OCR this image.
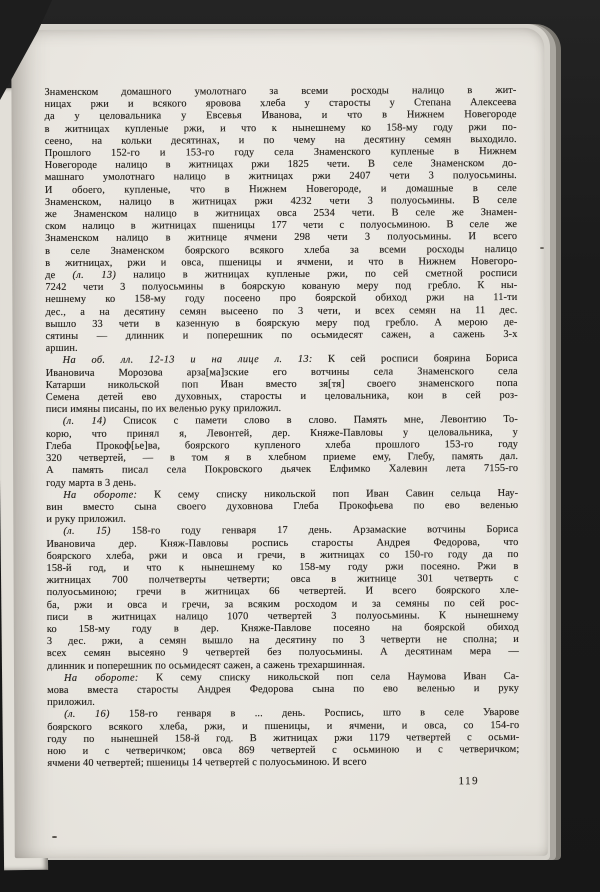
Знаменском домашного умолотнаго за всеми росходы налицо в жит-
ницах ржи и всякого яровова хлеба у старосты у Степана Алексеева
да у целовальника у Евсевья Иванова, и что в Нижнем Новегороде
в житницах купленые ржи, и что к нынешнему ко 158-му году ржи по-
сеено, на кольки десятинах, и по чему на десятину семян выходило.
Прошлого 152-го и 153-го году села Знаменского купленые в Нижнем
Новегороде налицо в житницах ржи 1825 чети. В селе Знаменском до-
машнаго умолотнаго налицо в житницах ржи 2407 чети 3 полуосьмины.
И обоего, купленые, что в Нижнем Новегороде, и домашные в селе
Знаменском, налицо в житницах ржи 4232 чети 3 полуосьмины. В селе
же Знаменском налицо в житницах овса 2534 чети. В селе же Знамен-
ском налицо в житницах пшеницы 177 чети с полуосьминою. В селе же
Знаменском налицо в житнице ячмени 298 чети 3 полуосьмины. И всего
в селе Знаменском боярского всякого хлеба за всеми росходы налицо
в житницах, ржи и овса, пшеницы и ячмени, и что в Нижнем Новегоро-
де (л. 13) налицо в житницах купленые ржи, по сей сметной росписи
7242 чети 3 полуосьмины в боярскую кованую меру под гребло. К ны-
нешнему ко 158-му году посеено про боярской обиход ржи на 11-ти
дес., а на десятину семян высеено по 3 чети, и всех семян на 11 дес.
вышло 33 чети в казенную в боярскую меру под гребло. А мерою де-
сятины — длинник и поперешник по осьмидесят сажен, а сажень 3-х
аршин.
На об. лл. 12-13 и на лице л. 13: К сей росписи боярина Бориса
Ивановича Морозова арза[ма]зские его вотчины села Знаменского села
Катарши никольской поп Иван вместо зя[тя] своего знаменского попа
Семена детей ево духовных, старосты и целовальника, кои в сей роз-
писи имяны писаны, по их веленью руку приложил.
(л. 14) Список с памети слово в слово. Память мне, Левонтию То-
корю, что принял я, Левонтей, дер. Княже-Павловы у целовальника, у
Глеба Прокоф[ье]ва, боярского купленого хлеба прошлого 153-го году
320 четвертей, — в том я в хлебном приеме ему, Глебу, память дал.
А память писал села Покровского дьячек Елфимко Халевин лета 7155-го
году марта в 3 день.
На обороте: К сему списку никольской поп Иван Савин сельца Нау-
вин вместо сына своего духовнова Глеба Прокофьева по ево веленью
и руку приложил.
(л. 15) 158-го году генваря 17 день. Арзамаские вотчины Бориса
Ивановича дер. Княж-Павловы роспись старосты Андрея Федорова, что
боярского хлеба, ржи и овса и гречи, в житницах со 150-го году да по
158-й год, и что к нынешнему ко 158-му году ржи посеяно. Ржи в
житницах 700 полчетверты четверти; овса в житнице 301 четверть с
полуосьминою; гречи в житницах 66 четвертей. И всего боярского хле-
ба, ржи и овса и гречи, за всяким росходом и за семяны по сей рос-
писи в житницах налицо 1070 четвертей 3 полуосьмины. К нынешнему
ко 158-му году в дер. Княже-Павлове посеяно на боярской обиход
3 дес. ржи, а семян вышло на десятину по 3 четверти не сполна; и
всех семян высеяно 9 четвертей без полуосьмины. А десятинам мера —
длинник и поперешник по осьмидесят сажен, а сажень трехаршинная.
На обороте: К сему списку никольской поп села Наумова Иван Са-
мова вместа старосты Андрея Федорова сына по ево веленью и руку
приложил.
(л. 16) 158-го генваря в ... день. Роспись, што в селе Уварове
боярского всякого хлеба, ржи, и пшеницы, и ячмени, и овса, со 154-го
году по нынешней 158-й год. В житницах ржи 1179 четвертей с осьми-
ною и с четверичком; овса 869 четвертей с осьминою и с четверичком;
ячмени 40 четвертей; пшеницы 14 четвертей с полуосьминою. И всего
119
